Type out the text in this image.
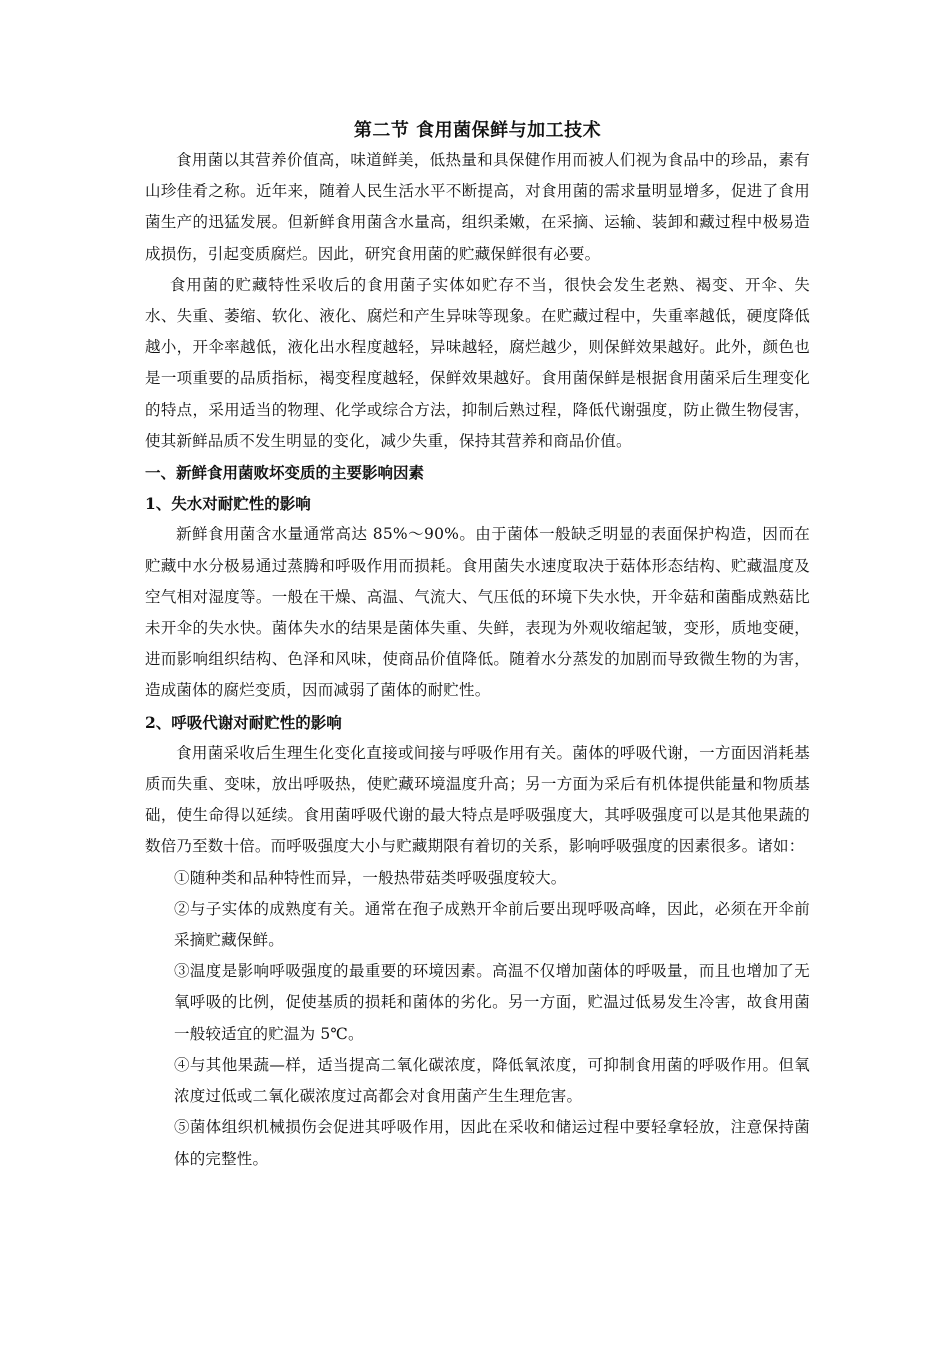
第二节 食用菌保鲜与加工技术

食用菌以其营养价值高，味道鲜美，低热量和具保健作用而被人们视为食品中的珍品，素有山珍佳肴之称。近年来，随着人民生活水平不断提高，对食用菌的需求量明显增多，促进了食用菌生产的迅猛发展。但新鲜食用菌含水量高，组织柔嫩，在采摘、运输、装卸和藏过程中极易造成损伤，引起变质腐烂。因此，研究食用菌的贮藏保鲜很有必要。

食用菌的贮藏特性采收后的食用菌子实体如贮存不当，很快会发生老熟、褐变、开伞、失水、失重、萎缩、软化、液化、腐烂和产生异味等现象。在贮藏过程中，失重率越低，硬度降低越小，开伞率越低，液化出水程度越轻，异味越轻，腐烂越少，则保鲜效果越好。此外，颜色也是一项重要的品质指标，褐变程度越轻，保鲜效果越好。食用菌保鲜是根据食用菌采后生理变化的特点，采用适当的物理、化学或综合方法，抑制后熟过程，降低代谢强度，防止微生物侵害，使其新鲜品质不发生明显的变化，减少失重，保持其营养和商品价值。

一、新鲜食用菌败坏变质的主要影响因素
1、失水对耐贮性的影响

新鲜食用菌含水量通常高达 85%～90%。由于菌体一般缺乏明显的表面保护构造，因而在贮藏中水分极易通过蒸腾和呼吸作用而损耗。食用菌失水速度取决于菇体形态结构、贮藏温度及空气相对湿度等。一般在干燥、高温、气流大、气压低的环境下失水快，开伞菇和菌酯成熟菇比未开伞的失水快。菌体失水的结果是菌体失重、失鲜，表现为外观收缩起皱，变形，质地变硬，进而影响组织结构、色泽和风味，使商品价值降低。随着水分蒸发的加剧而导致微生物的为害，造成菌体的腐烂变质，因而减弱了菌体的耐贮性。

2、呼吸代谢对耐贮性的影响

食用菌采收后生理生化变化直接或间接与呼吸作用有关。菌体的呼吸代谢，一方面因消耗基质而失重、变味，放出呼吸热，使贮藏环境温度升高；另一方面为采后有机体提供能量和物质基础，使生命得以延续。食用菌呼吸代谢的最大特点是呼吸强度大，其呼吸强度可以是其他果蔬的数倍乃至数十倍。而呼吸强度大小与贮藏期限有着切的关系，影响呼吸强度的因素很多。诸如：

①随种类和品种特性而异，一般热带菇类呼吸强度较大。

②与子实体的成熟度有关。通常在孢子成熟开伞前后要出现呼吸高峰，因此，必须在开伞前采摘贮藏保鲜。

③温度是影响呼吸强度的最重要的环境因素。高温不仅增加菌体的呼吸量，而且也增加了无氧呼吸的比例，促使基质的损耗和菌体的劣化。另一方面，贮温过低易发生冷害，故食用菌一般较适宜的贮温为 5℃。

④与其他果蔬—样，适当提高二氧化碳浓度，降低氧浓度，可抑制食用菌的呼吸作用。但氧浓度过低或二氧化碳浓度过高都会对食用菌产生生理危害。

⑤菌体组织机械损伤会促进其呼吸作用，因此在采收和储运过程中要轻拿轻放，注意保持菌体的完整性。
